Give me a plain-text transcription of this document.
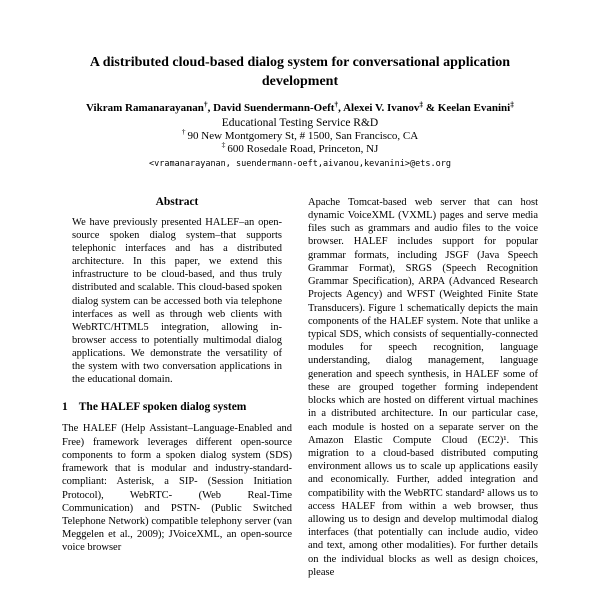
A distributed cloud-based dialog system for conversational application development
Vikram Ramanarayanan†, David Suendermann-Oeft†, Alexei V. Ivanov‡ & Keelan Evanini‡
Educational Testing Service R&D
† 90 New Montgomery St, # 1500, San Francisco, CA
‡ 600 Rosedale Road, Princeton, NJ
<vramanarayanan, suendermann-oeft,aivanou,kevanini>@ets.org
Abstract

We have previously presented HALEF–an open-source spoken dialog system–that supports telephonic interfaces and has a distributed architecture. In this paper, we extend this infrastructure to be cloud-based, and thus truly distributed and scalable. This cloud-based spoken dialog system can be accessed both via telephone interfaces as well as through web clients with WebRTC/HTML5 integration, allowing in-browser access to potentially multimodal dialog applications. We demonstrate the versatility of the system with two conversation applications in the educational domain.

1 The HALEF spoken dialog system

The HALEF (Help Assistant–Language-Enabled and Free) framework leverages different open-source components to form a spoken dialog system (SDS) framework that is modular and industry-standard-compliant: Asterisk, a SIP- (Session Initiation Protocol), WebRTC- (Web Real-Time Communication) and PSTN- (Public Switched Telephone Network) compatible telephony server (van Meggelen et al., 2009); JVoiceXML, an open-source voice browser

Apache Tomcat-based web server that can host dynamic VoiceXML (VXML) pages and serve media files such as grammars and audio files to the voice browser. HALEF includes support for popular grammar formats, including JSGF (Java Speech Grammar Format), SRGS (Speech Recognition Grammar Specification), ARPA (Advanced Research Projects Agency) and WFST (Weighted Finite State Transducers). Figure 1 schematically depicts the main components of the HALEF system. Note that unlike a typical SDS, which consists of sequentially-connected modules for speech recognition, language understanding, dialog management, language generation and speech synthesis, in HALEF some of these are grouped together forming independent blocks which are hosted on different virtual machines in a distributed architecture. In our particular case, each module is hosted on a separate server on the Amazon Elastic Compute Cloud (EC2)¹. This migration to a cloud-based distributed computing environment allows us to scale up applications easily and economically. Further, added integration and compatibility with the WebRTC standard² allows us to access HALEF from within a web browser, thus allowing us to design and develop multimodal dialog interfaces (that potentially can include audio, video and text, among other modalities). For further details on the individual blocks as well as design choices, please
